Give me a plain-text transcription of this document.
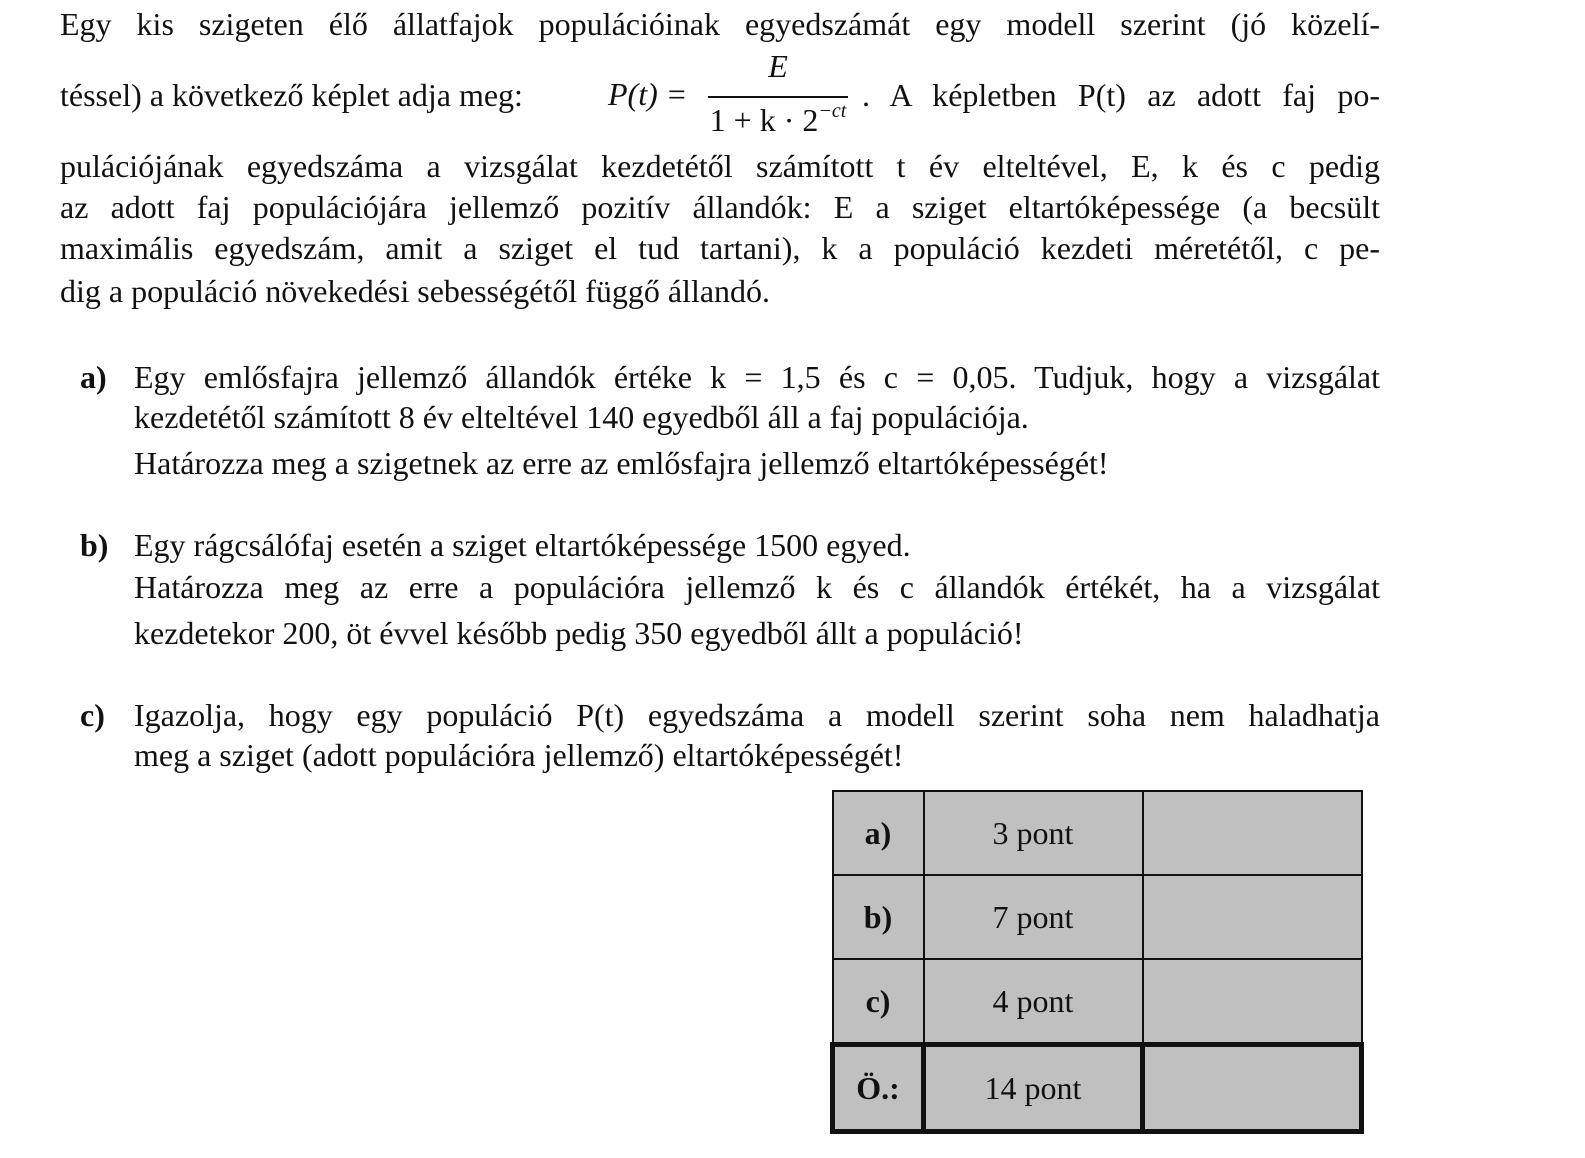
Egy kis szigeten élő állatfajok populációinak egyedszámát egy modell szerint (jó közelí-
téssel) a következő képlet adja meg:	P(t) =
E
$1 + k \cdot 2^{-ct}$ . A képletben P(t) az adott faj po-
pulációjának egyedszáma a vizsgálat kezdetétől számított t év elteltével, E, k és c pedig
az adott faj populációjára jellemző pozitív állandók: E a sziget eltartóképessége (a becsült
maximális egyedszám, amit a sziget el tud tartani), k a populáció kezdeti méretétől, c pe-
dig a populáció növekedési sebességétől függő állandó.
a) Egy emlősfajra jellemző állandók értéke k = 1,5 és c = 0,05. Tudjuk, hogy a vizsgálat
kezdetétől számított 8 év elteltével 140 egyedből áll a faj populációja.
Határozza meg a szigetnek az erre az emlősfajra jellemző eltartóképességét!
b) Egy rágcsálófaj esetén a sziget eltartóképessége 1500 egyed.
Határozza meg az erre a populációra jellemző k és c állandók értékét, ha a vizsgálat
kezdetekor 200, öt évvel később pedig 350 egyedből állt a populáció!
c) Igazolja, hogy egy populáció P(t) egyedszáma a modell szerint soha nem haladhatja
meg a sziget (adott populációra jellemző) eltartóképességét!
a)	3 pont	
b)	7 pont	
c)	4 pont	
Ö.:	14 pont	
